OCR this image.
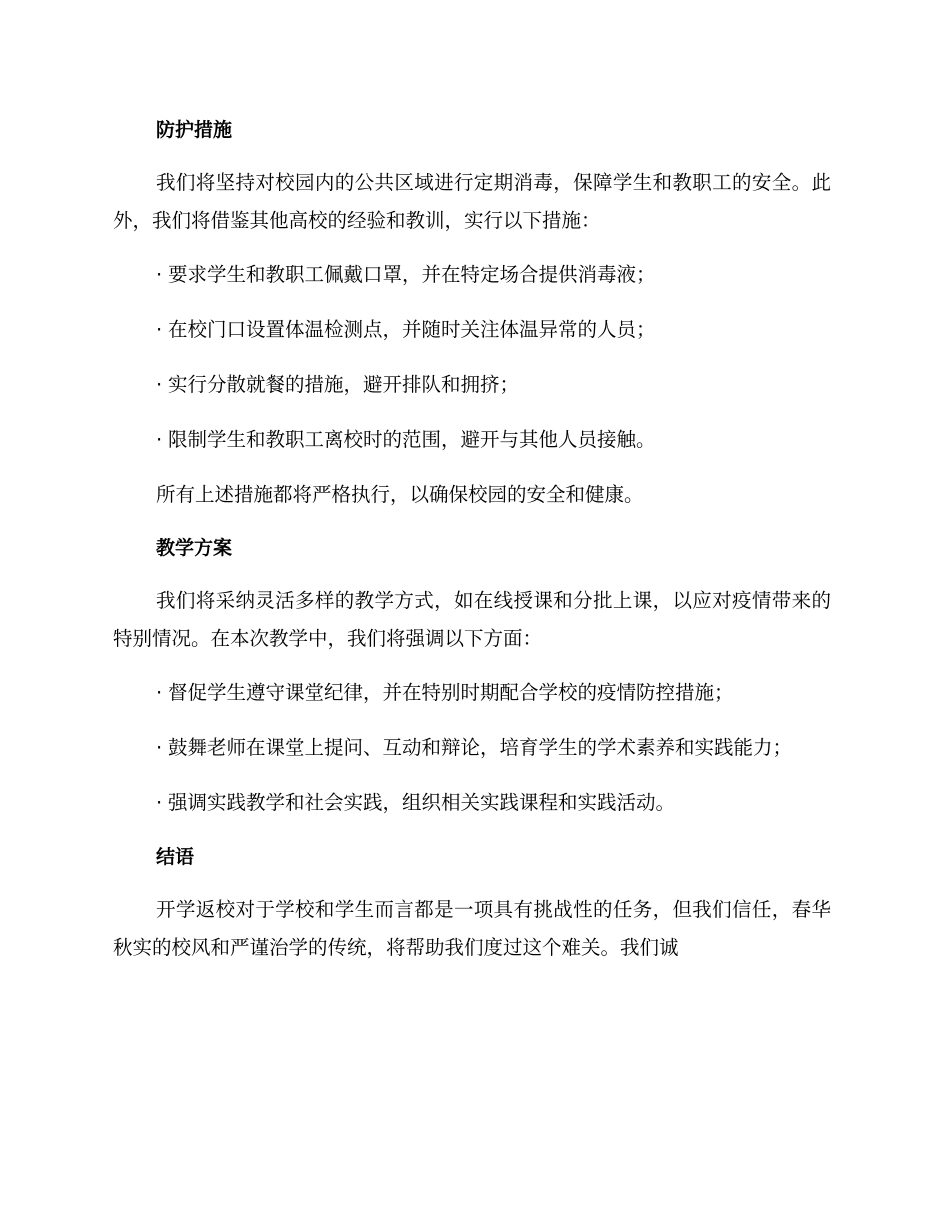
防护措施

我们将坚持对校园内的公共区域进行定期消毒，保障学生和教职工的安全。此外，我们将借鉴其他高校的经验和教训，实行以下措施：

· 要求学生和教职工佩戴口罩，并在特定场合提供消毒液；

· 在校门口设置体温检测点，并随时关注体温异常的人员；

· 实行分散就餐的措施，避开排队和拥挤；

· 限制学生和教职工离校时的范围，避开与其他人员接触。

所有上述措施都将严格执行，以确保校园的安全和健康。

教学方案

我们将采纳灵活多样的教学方式，如在线授课和分批上课，以应对疫情带来的特别情况。在本次教学中，我们将强调以下方面：

· 督促学生遵守课堂纪律，并在特别时期配合学校的疫情防控措施；

· 鼓舞老师在课堂上提问、互动和辩论，培育学生的学术素养和实践能力；

· 强调实践教学和社会实践，组织相关实践课程和实践活动。

结语

开学返校对于学校和学生而言都是一项具有挑战性的任务，但我们信任，春华秋实的校风和严谨治学的传统，将帮助我们度过这个难关。我们诚
